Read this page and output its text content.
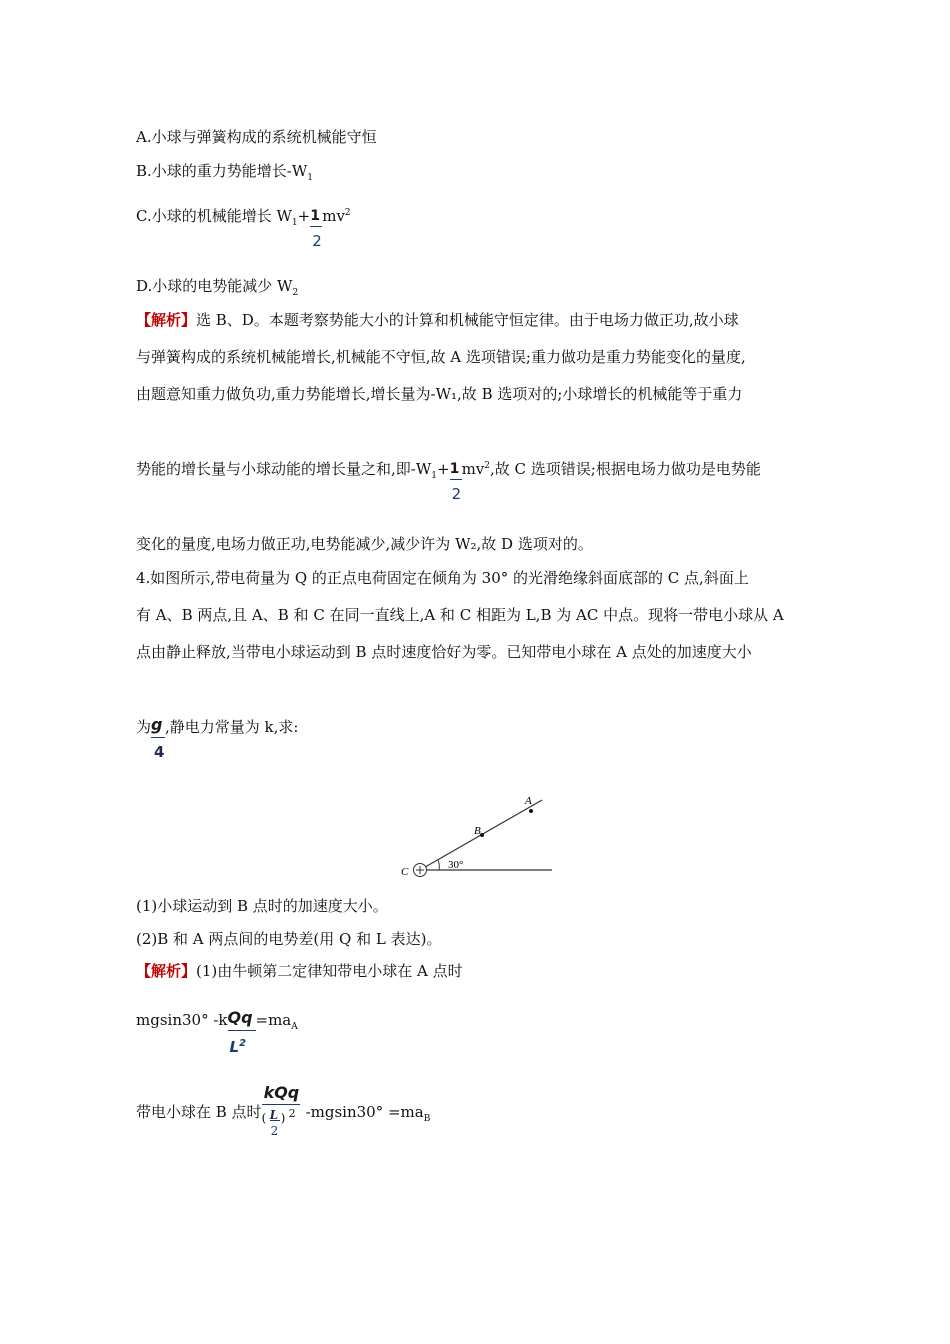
A.小球与弹簧构成的系统机械能守恒
B.小球的重力势能增长$-W_1$
C.小球的机械能增长 $W_1+ \frac{1}{2} mv^2$
D.小球的电势能减少 $W_2$
【解析】选 B、D。本题考察势能大小的计算和机械能守恒定律。由于电场力做正功,故小球
与弹簧构成的系统机械能增长,机械能不守恒,故 A 选项错误;重力做功是重力势能变化的量度,
由题意知重力做负功,重力势能增长,增长量为-W₁,故 B 选项对的;小球增长的机械能等于重力
势能的增长量与小球动能的增长量之和,即$-W_1+ \frac{1}{2} mv^2$,故 C 选项错误;根据电场力做功是电势能
变化的量度,电场力做正功,电势能减少,减少许为 W₂,故 D 选项对的。
4.如图所示,带电荷量为 Q 的正点电荷固定在倾角为 30° 的光滑绝缘斜面底部的 C 点,斜面上
有 A、B 两点,且 A、B 和 C 在同一直线上,A 和 C 相距为 L,B 为 AC 中点。现将一带电小球从 A
点由静止释放,当带电小球运动到 B 点时速度恰好为零。已知带电小球在 A 点处的加速度大小
为 $\frac{g}{4}$ ,静电力常量为 k,求:
A
B
C
30°
(1)小球运动到 B 点时的加速度大小。
(2)B 和 A 两点间的电势差(用 Q 和 L 表达)。
【解析】(1)由牛顿第二定律知带电小球在 A 点时
mgsin30° $-k \frac{Qq}{L^2} =ma_A$
带电小球在 B 点时
kQq
( L
2
) 2 $-mgsin30^\circ =ma_B$
